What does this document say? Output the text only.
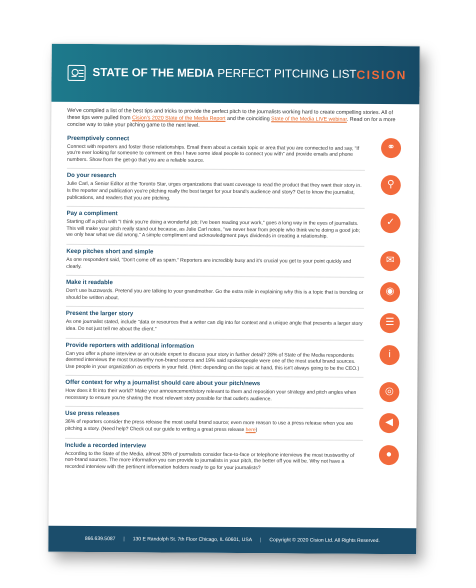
STATE OF THE MEDIA PERFECT PITCHING LIST CISION

We've compiled a list of the best tips and tricks to provide the perfect pitch to the journalists working hard to create compelling stories. All of these tips were pulled from Cision's 2020 State of the Media Report and the coinciding State of the Media LIVE webinar. Read on for a more concise way to take your pitching game to the next level.

Preemptively connect
Connect with reporters and foster those relationships. Email them about a certain topic or area that you are connected to and say, "If you're ever looking for someone to comment on this I have some ideal people to connect you with" and provide emails and phone numbers. Show from the get-go that you are a reliable source.
⚭
Do your research
Julie Carl, a Senior Editor at the Toronto Star, urges organizations that want coverage to read the product that they want their story in. Is the reporter and publication you're pitching really the best target for your brand's audience and story? Get to know the journalist, publications, and readers that you are pitching.
⚲
Pay a compliment
Starting off a pitch with "I think you're doing a wonderful job; I've been reading your work," goes a long way in the eyes of journalists. This will make your pitch really stand out because, as Julie Carl notes, "we never hear from people who think we're doing a good job; we only hear what we did wrong." A simple compliment and acknowledgment pays dividends in creating a relationship.
✓
Keep pitches short and simple
As one respondent said, "Don't come off as spam." Reporters are incredibly busy and it's crucial you get to your point quickly and clearly.
✉
Make it readable
Don't use buzzwords. Pretend you are talking to your grandmother. Go the extra mile in explaining why this is a topic that is trending or should be written about.
◉
Present the larger story
As one journalist stated, include "data or resources that a writer can dig into for context and a unique angle that presents a larger story idea. Do not just tell me about the client."
☰
Provide reporters with additional information
Can you offer a phone interview or an outside expert to discuss your story in further detail? 28% of State of the Media respondents deemed interviews the most trustworthy non-brand source and 19% said spokespeople were one of the most useful brand sources. Use people in your organization as experts in your field. (Hint: depending on the topic at hand, this isn't always going to be the CEO.)
i
Offer context for why a journalist should care about your pitch/news
How does it fit into their world? Make your announcement/story relevant to them and reposition your strategy and pitch angles when necessary to ensure you're sharing the most relevant story possible for that outlet's audience.
◎
Use press releases
36% of reporters consider the press release the most useful brand source; even more reason to use a press release when you are pitching a story. (Need help? Check out our guide to writing a great press release here)
◀
Include a recorded interview
According to the State of the Media, almost 30% of journalists consider face-to-face or telephone interviews the most trustworthy of non-brand sources. The more information you can provide to journalists in your pitch, the better off you will be. Why not have a recorded interview with the pertinent information holders ready to go for your journalists?
●
866.639.5087 | 130 E Randolph St. 7th Floor Chicago, IL 60601, USA | Copyright © 2020 Cision Ltd. All Rights Reserved.
